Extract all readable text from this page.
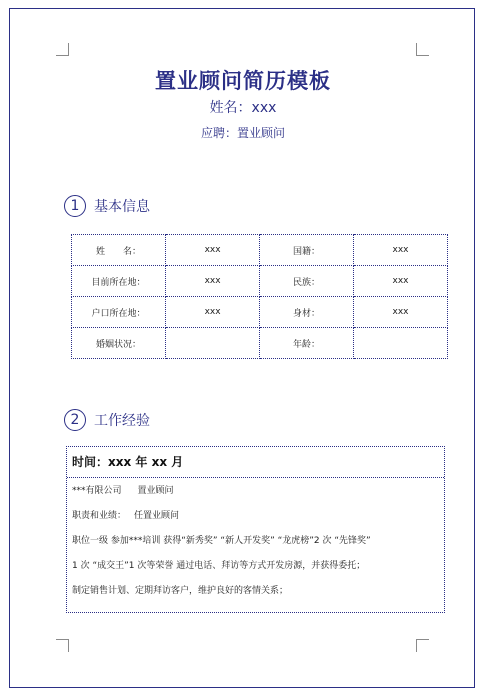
置业顾问简历模板
姓名：xxx
应聘：置业顾问
1	基本信息
姓　　名：	xxx	国籍：	xxx
目前所在地：	xxx	民族：	xxx
户口所在地：	xxx	身材：	xxx
婚姻状况：		年龄：	
2	工作经验
时间：xxx 年 xx 月
***有限公司 置业顾问
职责和业绩： 任置业顾问
职位一级 参加***培训 获得“新秀奖” “新人开发奖” “龙虎榜”2 次 “先锋奖”
1 次 “成交王”1 次等荣誉 通过电话、拜访等方式开发房源，并获得委托；
制定销售计划、定期拜访客户，维护良好的客情关系；
